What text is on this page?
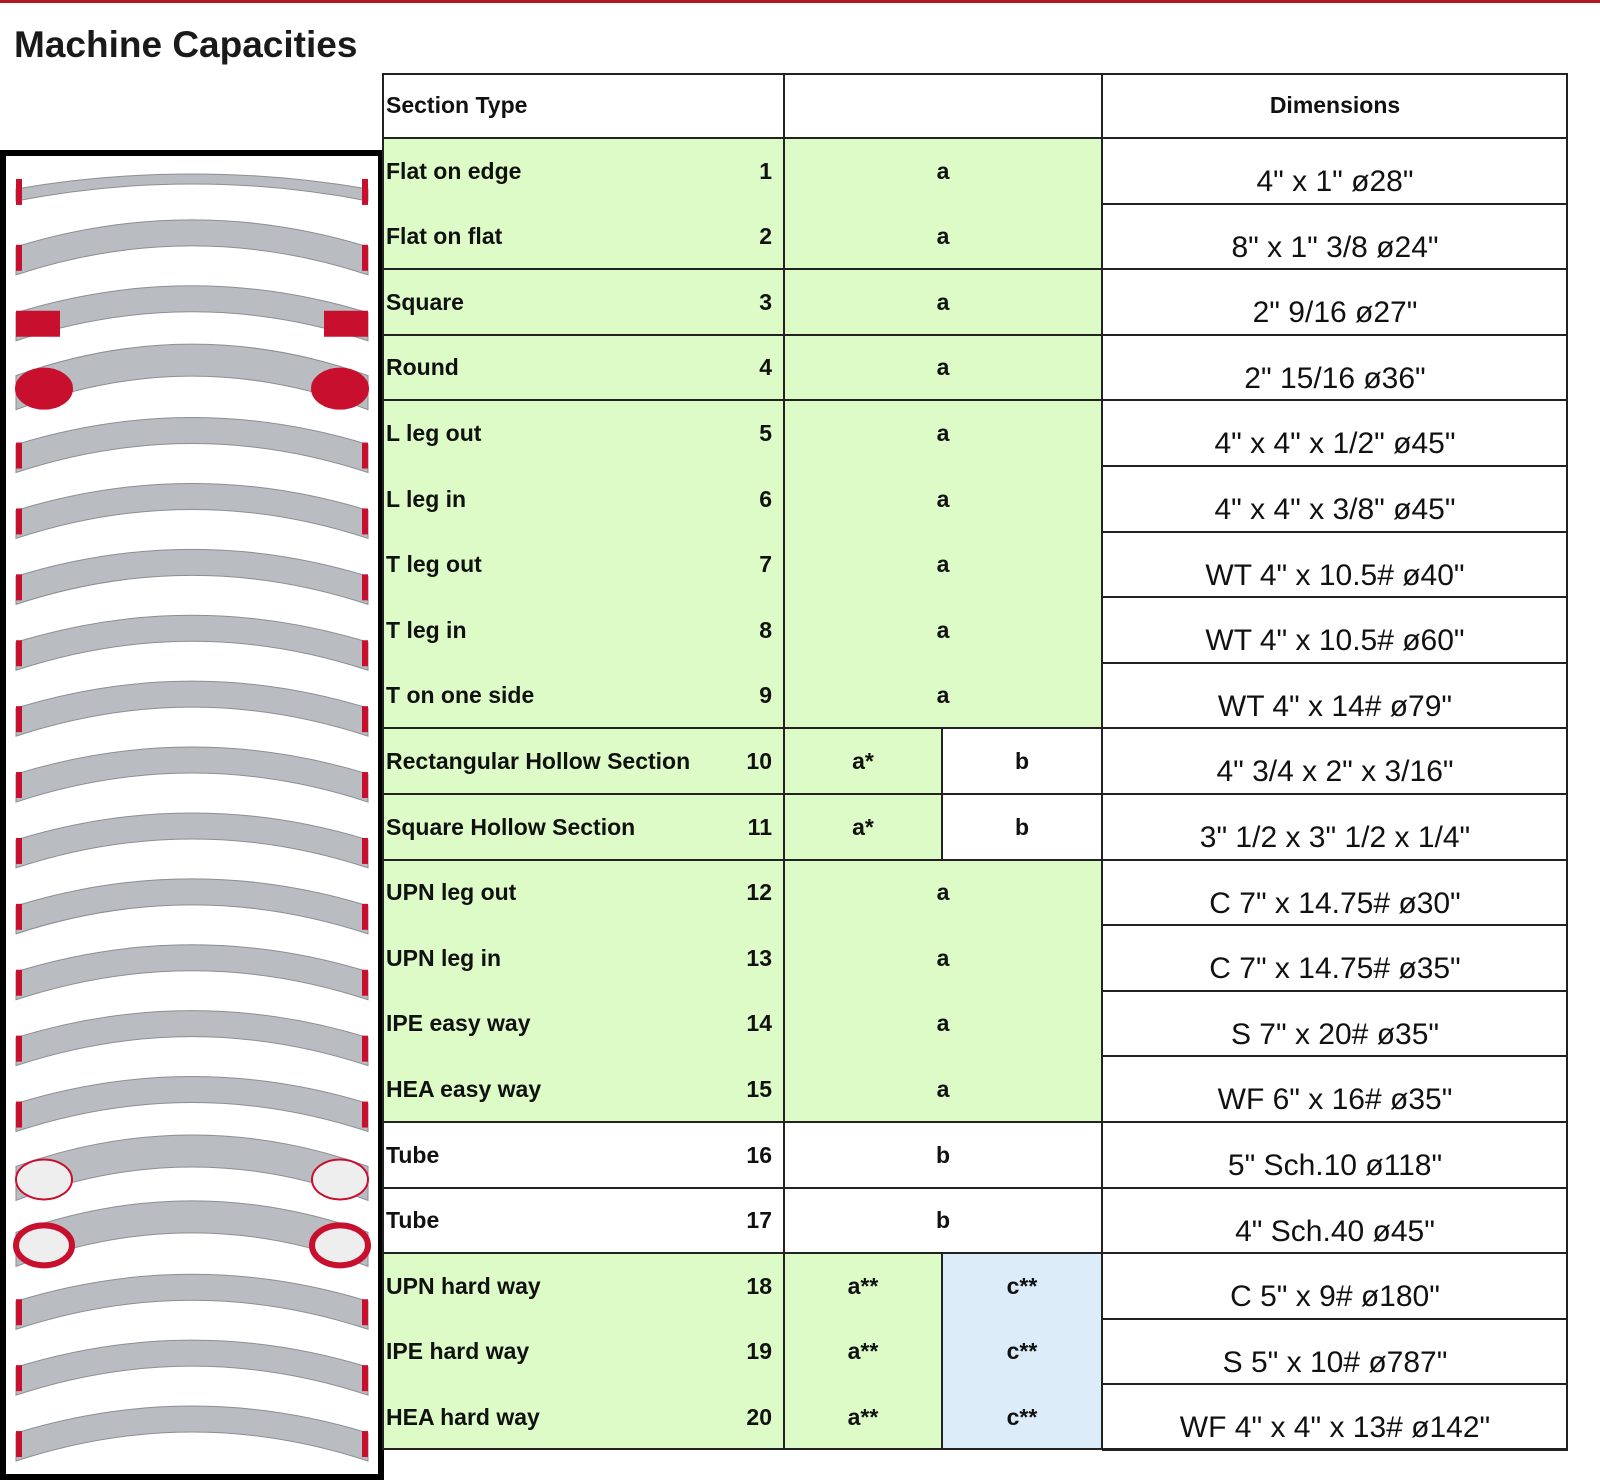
Machine Capacities
Section Type	Dimensions
Flat on edge	1	a	4" x 1" ø28"
Flat on flat	2	a	8" x 1" 3/8 ø24"
Square	3	a	2" 9/16 ø27"
Round	4	a	2" 15/16 ø36"
L leg out	5	a	4" x 4" x 1/2" ø45"
L leg in	6	a	4" x 4" x 3/8" ø45"
T leg out	7	a	WT 4" x 10.5# ø40"
T leg in	8	a	WT 4" x 10.5# ø60"
T on one side	9	a	WT 4" x 14# ø79"
Rectangular Hollow Section	10	a*	b	4" 3/4 x 2" x 3/16"
Square Hollow Section	11	a*	b	3" 1/2 x 3" 1/2 x 1/4"
UPN leg out	12	a	C 7" x 14.75# ø30"
UPN leg in	13	a	C 7" x 14.75# ø35"
IPE easy way	14	a	S 7" x 20# ø35"
HEA easy way	15	a	WF 6" x 16# ø35"
Tube	16	b	5" Sch.10 ø118"
Tube	17	b	4" Sch.40 ø45"
UPN hard way	18	a**	c**	C 5" x 9# ø180"
IPE hard way	19	a**	c**	S 5" x 10# ø787"
HEA hard way	20	a**	c**	WF 4" x 4" x 13# ø142"
